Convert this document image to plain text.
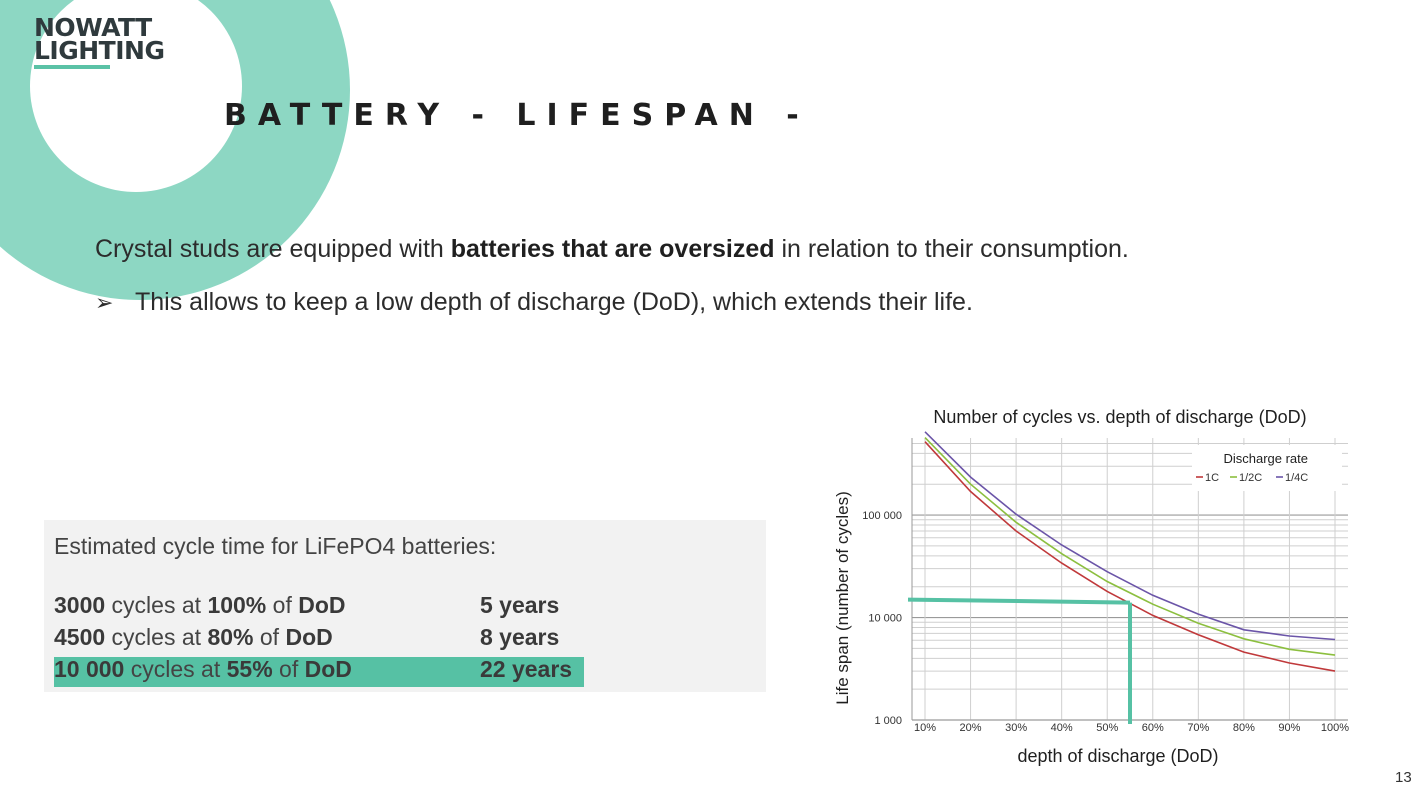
NOWATT
LIGHTING
BATTERY - LIFESPAN -
Crystal studs are equipped with batteries that are oversized in relation to their consumption.
➢ This allows to keep a low depth of discharge (DoD), which extends their life.
Estimated cycle time for LiFePO4 batteries:
3000 cycles at 100% of DoD	5 years
4500 cycles at 80% of DoD	8 years
10 000 cycles at 55% of DoD	22 years
Number of cycles vs. depth of discharge (DoD)
Life span (number of cycles)
depth of discharge (DoD)
10% 20% 30% 40% 50% 60% 70% 80% 90% 100%
1 000
10 000
100 000
Discharge rate
1C 1/2C 1/4C
13
